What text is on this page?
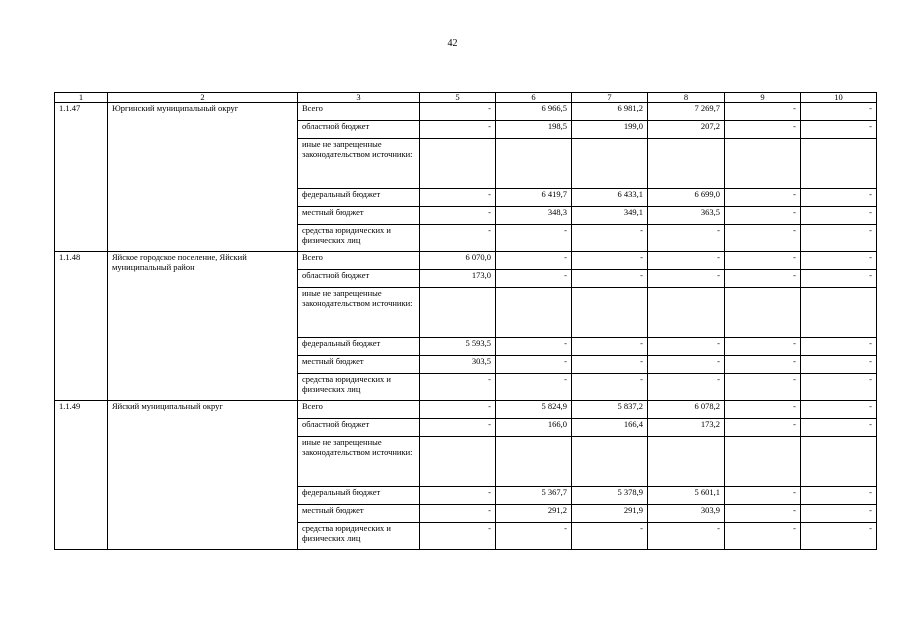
42
1	2	3	5	6	7	8	9	10
1.1.47	Юргинский муниципальный округ	Всего	-	6 966,5	6 981,2	7 269,7	-	-
		областной бюджет	-	198,5	199,0	207,2	-	-
		иные не запрещенные законодательством источники:						
		федеральный бюджет	-	6 419,7	6 433,1	6 699,0	-	-
		местный бюджет	-	348,3	349,1	363,5	-	-
		средства юридических и физических лиц	-	-	-	-	-	-
1.1.48	Яйское городское поселение, Яйский муниципальный район	Всего	6 070,0	-	-	-	-	-
		областной бюджет	173,0	-	-	-	-	-
		иные не запрещенные законодательством источники:						
		федеральный бюджет	5 593,5	-	-	-	-	-
		местный бюджет	303,5	-	-	-	-	-
		средства юридических и физических лиц	-	-	-	-	-	-
1.1.49	Яйский муниципальный округ	Всего	-	5 824,9	5 837,2	6 078,2	-	-
		областной бюджет	-	166,0	166,4	173,2	-	-
		иные не запрещенные законодательством источники:						
		федеральный бюджет	-	5 367,7	5 378,9	5 601,1	-	-
		местный бюджет	-	291,2	291,9	303,9	-	-
		средства юридических и физических лиц	-	-	-	-	-	-
